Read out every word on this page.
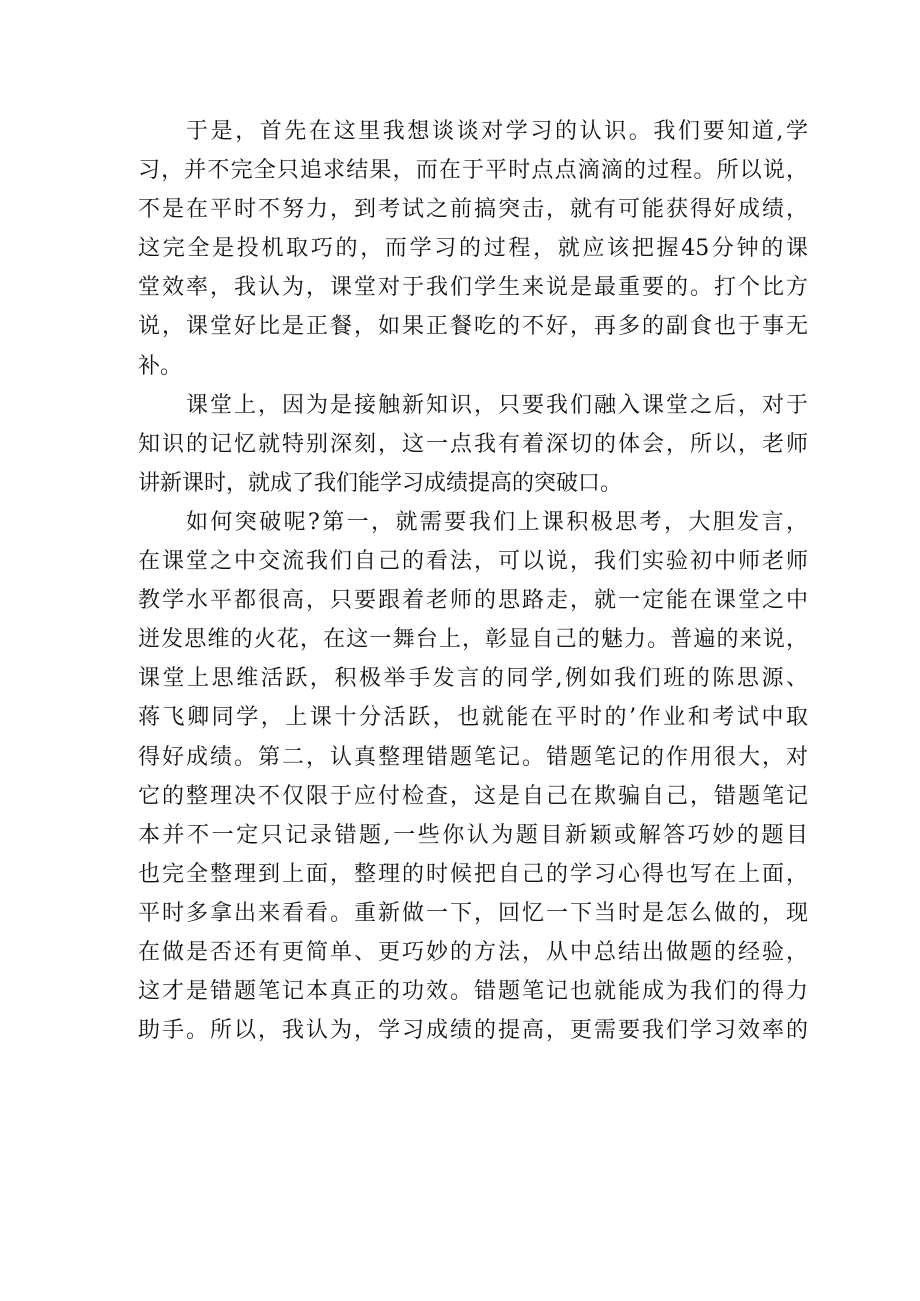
于是，首先在这里我想谈谈对学习的认识。我们要知道,学
习，并不完全只追求结果，而在于平时点点滴滴的过程。所以说，
不是在平时不努力，到考试之前搞突击，就有可能获得好成绩，
这完全是投机取巧的，而学习的过程，就应该把握45分钟的课
堂效率，我认为，课堂对于我们学生来说是最重要的。打个比方
说，课堂好比是正餐，如果正餐吃的不好，再多的副食也于事无
补。
课堂上，因为是接触新知识，只要我们融入课堂之后，对于
知识的记忆就特别深刻，这一点我有着深切的体会，所以，老师
讲新课时，就成了我们能学习成绩提高的突破口。
如何突破呢?第一，就需要我们上课积极思考，大胆发言，
在课堂之中交流我们自己的看法，可以说，我们实验初中师老师
教学水平都很高，只要跟着老师的思路走，就一定能在课堂之中
迸发思维的火花，在这一舞台上，彰显自己的魅力。普遍的来说，
课堂上思维活跃，积极举手发言的同学,例如我们班的陈思源、
蒋飞卿同学，上课十分活跃，也就能在平时的’作业和考试中取
得好成绩。第二，认真整理错题笔记。错题笔记的作用很大，对
它的整理决不仅限于应付检查，这是自己在欺骗自己，错题笔记
本并不一定只记录错题,一些你认为题目新颖或解答巧妙的题目
也完全整理到上面，整理的时候把自己的学习心得也写在上面，
平时多拿出来看看。重新做一下，回忆一下当时是怎么做的，现
在做是否还有更简单、更巧妙的方法，从中总结出做题的经验，
这才是错题笔记本真正的功效。错题笔记也就能成为我们的得力
助手。所以，我认为，学习成绩的提高，更需要我们学习效率的
